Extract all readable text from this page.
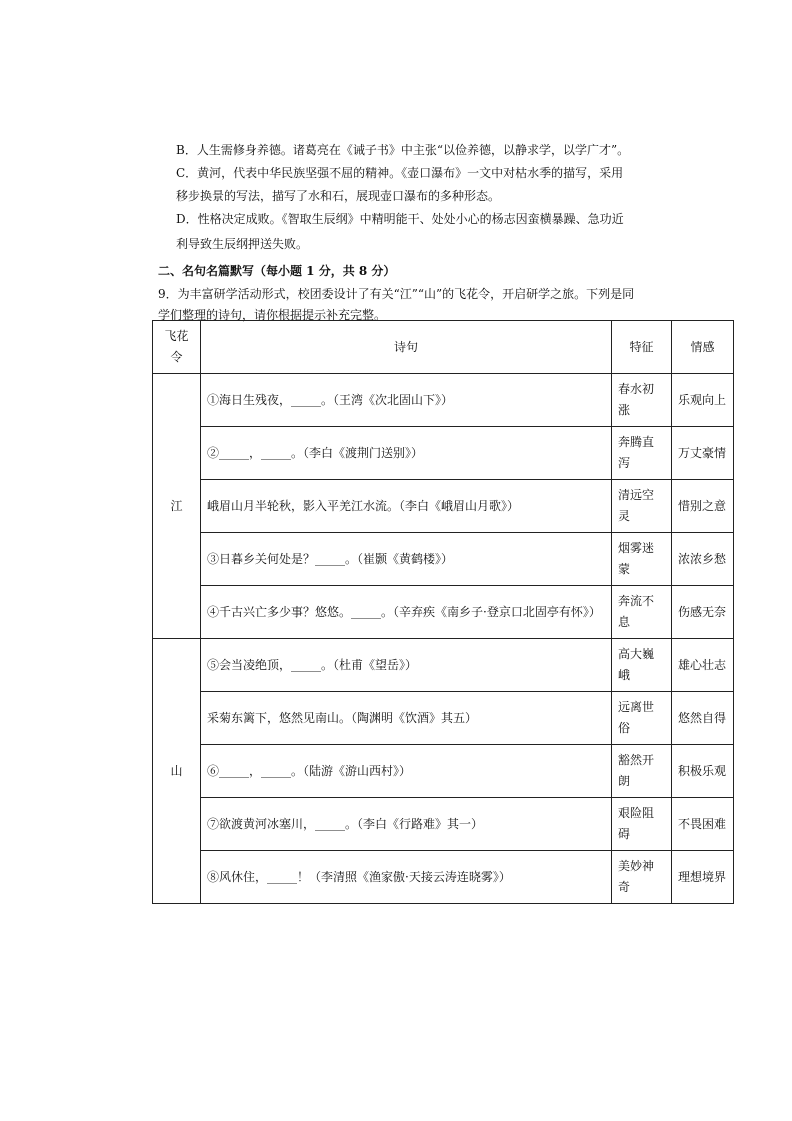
B．人生需修身养德。诸葛亮在《诫子书》中主张“以俭养德，以静求学，以学广才”。
C．黄河，代表中华民族坚强不屈的精神。《壶口瀑布》一文中对枯水季的描写，采用
移步换景的写法，描写了水和石，展现壶口瀑布的多种形态。
D．性格决定成败。《智取生辰纲》中精明能干、处处小心的杨志因蛮横暴躁、急功近
利导致生辰纲押送失败。
二、名句名篇默写（每小题 1 分，共 8 分）
9．为丰富研学活动形式，校团委设计了有关“江”“山”的飞花令，开启研学之旅。下列是同
学们整理的诗句，请你根据提示补充完整。
飞花令	诗句	特征	情感
江	①海日生残夜，_____。（王湾《次北固山下》）	春水初涨	乐观向上
	②_____，_____。（李白《渡荆门送别》）	奔腾直泻	万丈豪情
	峨眉山月半轮秋，影入平羌江水流。（李白《峨眉山月歌》）	清远空灵	惜别之意
	③日暮乡关何处是？_____。（崔颢《黄鹤楼》）	烟雾迷蒙	浓浓乡愁
	④千古兴亡多少事？悠悠。_____。（辛弃疾《南乡子·登京口北固亭有怀》）	奔流不息	伤感无奈
山	⑤会当凌绝顶，_____。（杜甫《望岳》）	高大巍峨	雄心壮志
	采菊东篱下，悠然见南山。（陶渊明《饮酒》其五）	远离世俗	悠然自得
	⑥_____，_____。（陆游《游山西村》）	豁然开朗	积极乐观
	⑦欲渡黄河冰塞川，_____。（李白《行路难》其一）	艰险阻碍	不畏困难
	⑧风休住，_____！（李清照《渔家傲·天接云涛连晓雾》）	美妙神奇	理想境界
